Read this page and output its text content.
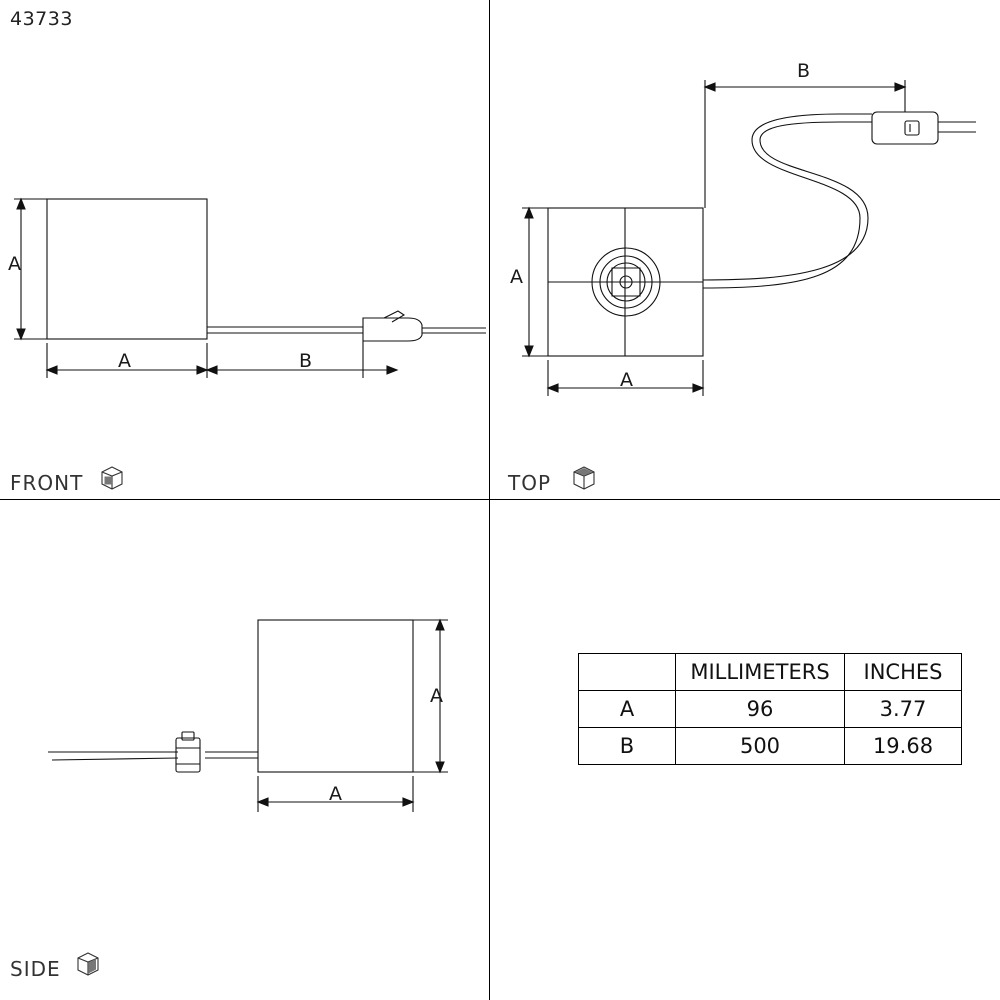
43733
A
A	B
A
A
B
A
A
FRONT	TOP
SIDE
	MILLIMETERS	INCHES
A	96	3.77
B	500	19.68
